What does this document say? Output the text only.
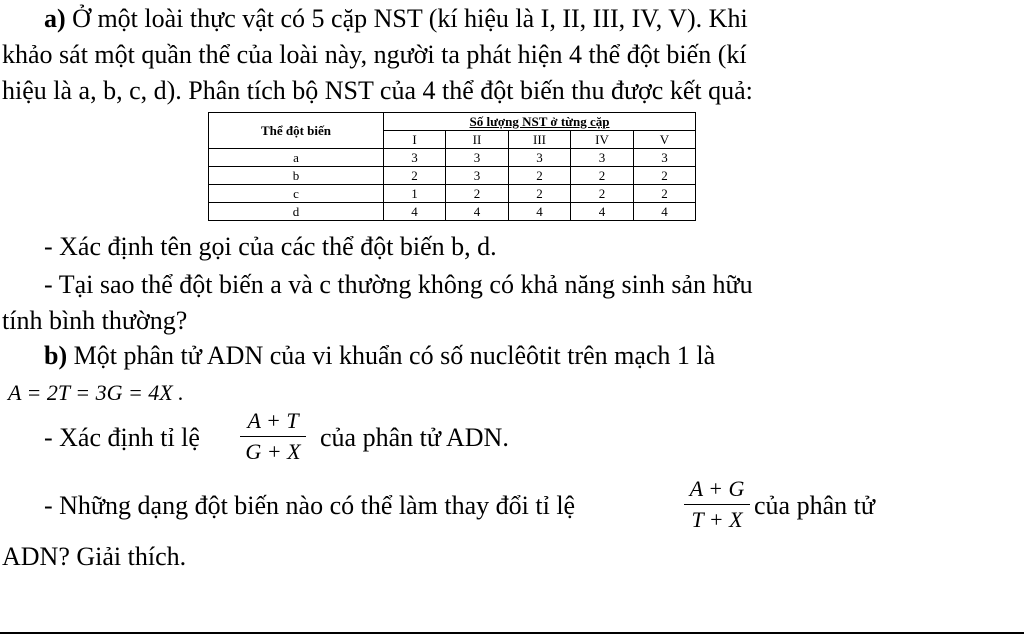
a) Ở một loài thực vật có 5 cặp NST (kí hiệu là I, II, III, IV, V). Khi
khảo sát một quần thể của loài này, người ta phát hiện 4 thể đột biến (kí
hiệu là a, b, c, d). Phân tích bộ NST của 4 thể đột biến thu được kết quả:
Thể đột biến	Số lượng NST ở từng cặp				
	I	II	III	IV	V
a	3	3	3	3	3
b	2	3	2	2	2
c	1	2	2	2	2
d	4	4	4	4	4
- Xác định tên gọi của các thể đột biến b, d.
- Tại sao thể đột biến a và c thường không có khả năng sinh sản hữu
tính bình thường?
b) Một phân tử ADN của vi khuẩn có số nuclêôtit trên mạch 1 là
A = 2T = 3G = 4X .
- Xác định tỉ lệ $\frac{A + T}{G + X}$ của phân tử ADN.
- Những dạng đột biến nào có thể làm thay đổi tỉ lệ	$\frac{A + G}{T + X}$ của phân tử
ADN? Giải thích.
